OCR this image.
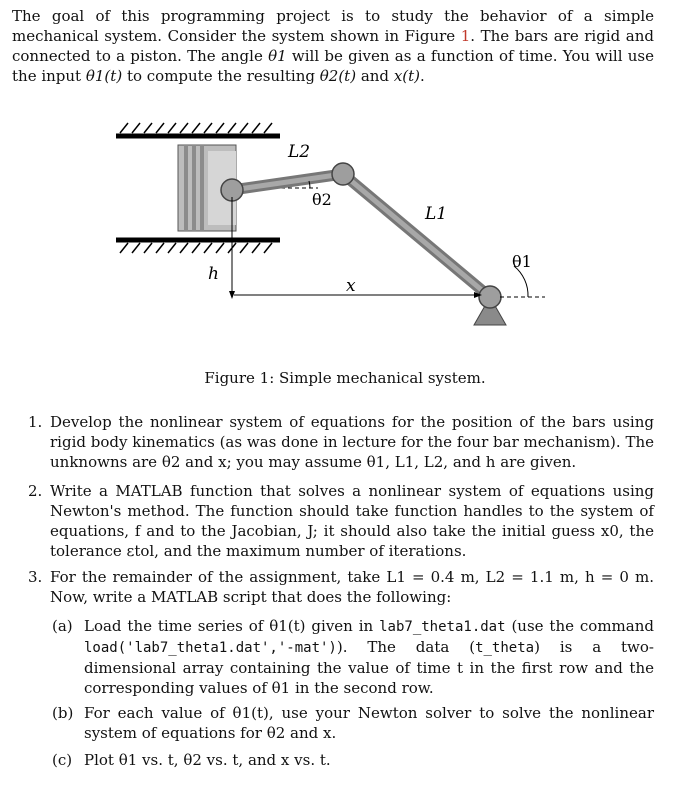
The goal of this programming project is to study the behavior of a simple mechanical system. Consider the system shown in Figure 1. The bars are rigid and connected to a piston. The angle θ1 will be given as a function of time. You will use the input θ1(t) to compute the resulting θ2(t) and x(t).

L2
θ2
L1
θ1
h
x
Figure 1: Simple mechanical system.
1. Develop the nonlinear system of equations for the position of the bars using rigid body kinematics (as was done in lecture for the four bar mechanism). The unknowns are θ2 and x; you may assume θ1, L1, L2, and h are given.

2. Write a MATLAB function that solves a nonlinear system of equations using Newton's method. The function should take function handles to the system of equations, f and to the Jacobian, J; it should also take the initial guess x0, the tolerance εtol, and the maximum number of iterations.

3. For the remainder of the assignment, take L1 = 0.4 m, L2 = 1.1 m, h = 0 m. Now, write a MATLAB script that does the following:

(a) Load the time series of θ1(t) given in lab7_theta1.dat (use the command load('lab7_theta1.dat','-mat')). The data (t_theta) is a two-dimensional array containing the value of time t in the first row and the corresponding values of θ1 in the second row.

(b) For each value of θ1(t), use your Newton solver to solve the nonlinear system of equations for θ2 and x.

(c) Plot θ1 vs. t, θ2 vs. t, and x vs. t.
